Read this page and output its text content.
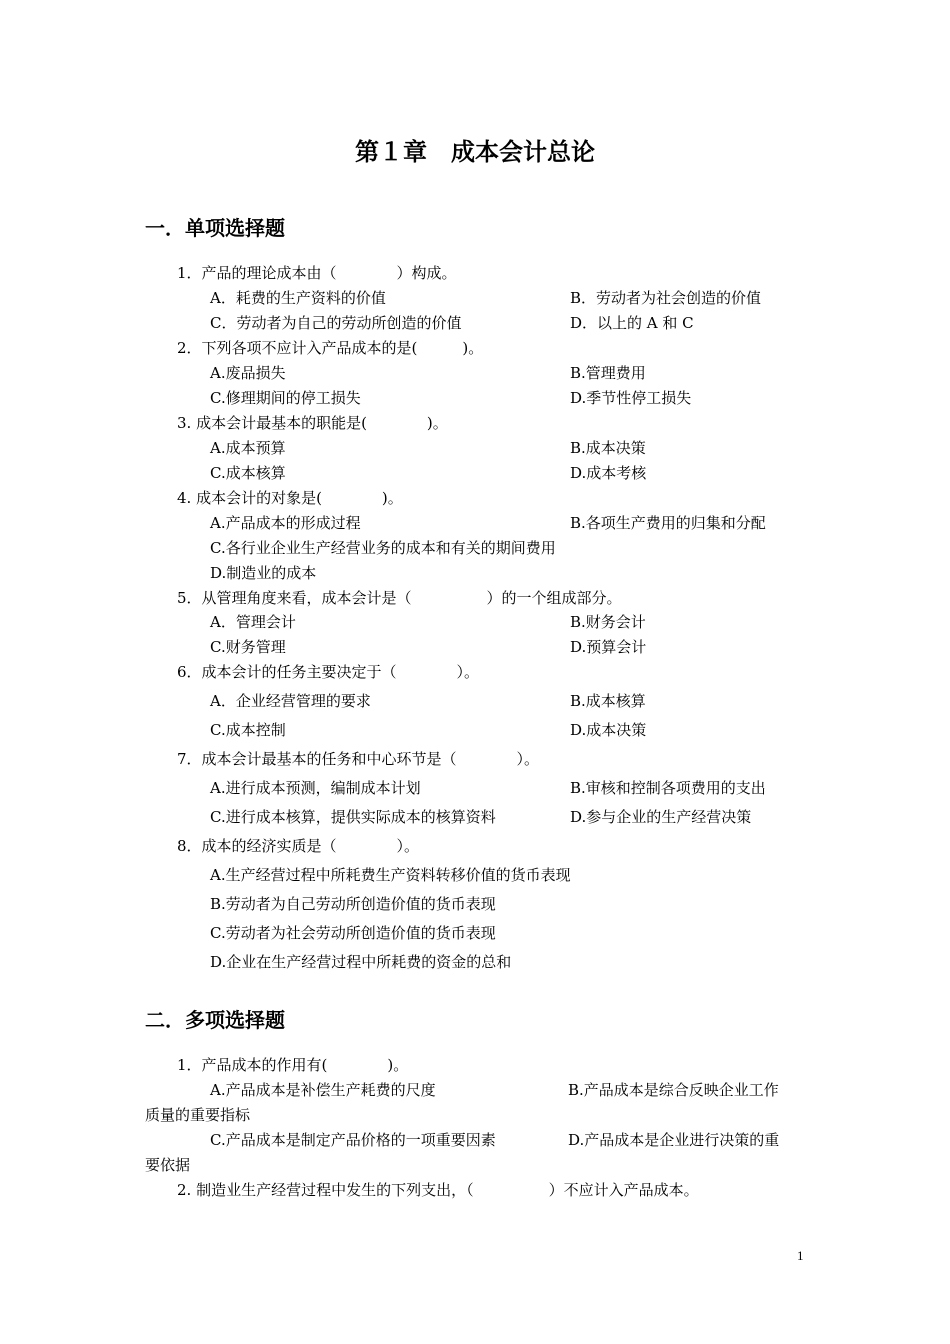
第１章　成本会计总论
一．单项选择题
1．产品的理论成本由（　　　　）构成。
A．耗费的生产资料的价值	B．劳动者为社会创造的价值
C．劳动者为自己的劳动所创造的价值	D．以上的 A 和 C
2．下列各项不应计入产品成本的是(　　　)。
A.废品损失	B.管理费用
C.修理期间的停工损失	D.季节性停工损失
3. 成本会计最基本的职能是(　　　　)。
A.成本预算	B.成本决策
C.成本核算	D.成本考核
4. 成本会计的对象是(　　　　)。
A.产品成本的形成过程	B.各项生产费用的归集和分配
C.各行业企业生产经营业务的成本和有关的期间费用
D.制造业的成本
5．从管理角度来看，成本会计是（　　　　　）的一个组成部分。
A．管理会计	B.财务会计
C.财务管理	D.预算会计
6．成本会计的任务主要决定于（　　　　）。
A．企业经营管理的要求	B.成本核算
C.成本控制	D.成本决策
7．成本会计最基本的任务和中心环节是（　　　　）。
A.进行成本预测，编制成本计划	B.审核和控制各项费用的支出
C.进行成本核算，提供实际成本的核算资料	D.参与企业的生产经营决策
8．成本的经济实质是（　　　　）。
A.生产经营过程中所耗费生产资料转移价值的货币表现
B.劳动者为自己劳动所创造价值的货币表现
C.劳动者为社会劳动所创造价值的货币表现
D.企业在生产经营过程中所耗费的资金的总和
二．多项选择题
1．产品成本的作用有(　　　　)。
A.产品成本是补偿生产耗费的尺度	B.产品成本是综合反映企业工作
质量的重要指标
C.产品成本是制定产品价格的一项重要因素	D.产品成本是企业进行决策的重
要依据
2. 制造业生产经营过程中发生的下列支出，（　　　　　）不应计入产品成本。
1
